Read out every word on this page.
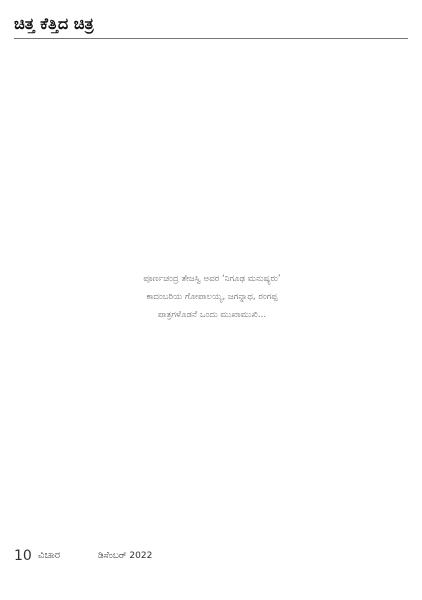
ಚಿತ್ತ ಕೆತ್ತಿದ ಚಿತ್ರ
ಪೂರ್ಣಚಂದ್ರ ತೇಜಸ್ವಿ ಅವರ ‘ನಿಗೂಢ ಮನುಷ್ಯರು’ ಕಾದಂಬರಿಯ ಗೋಪಾಲಯ್ಯ, ಜಗನ್ನಾಥ, ರಂಗಪ್ಪ ಪಾತ್ರಗಳೊಡನೆ ಒಂದು ಮುಖಾಮುಖಿ...
10 ವಿಚಾರ	ಡಿಸೆಂಬರ್ 2022
